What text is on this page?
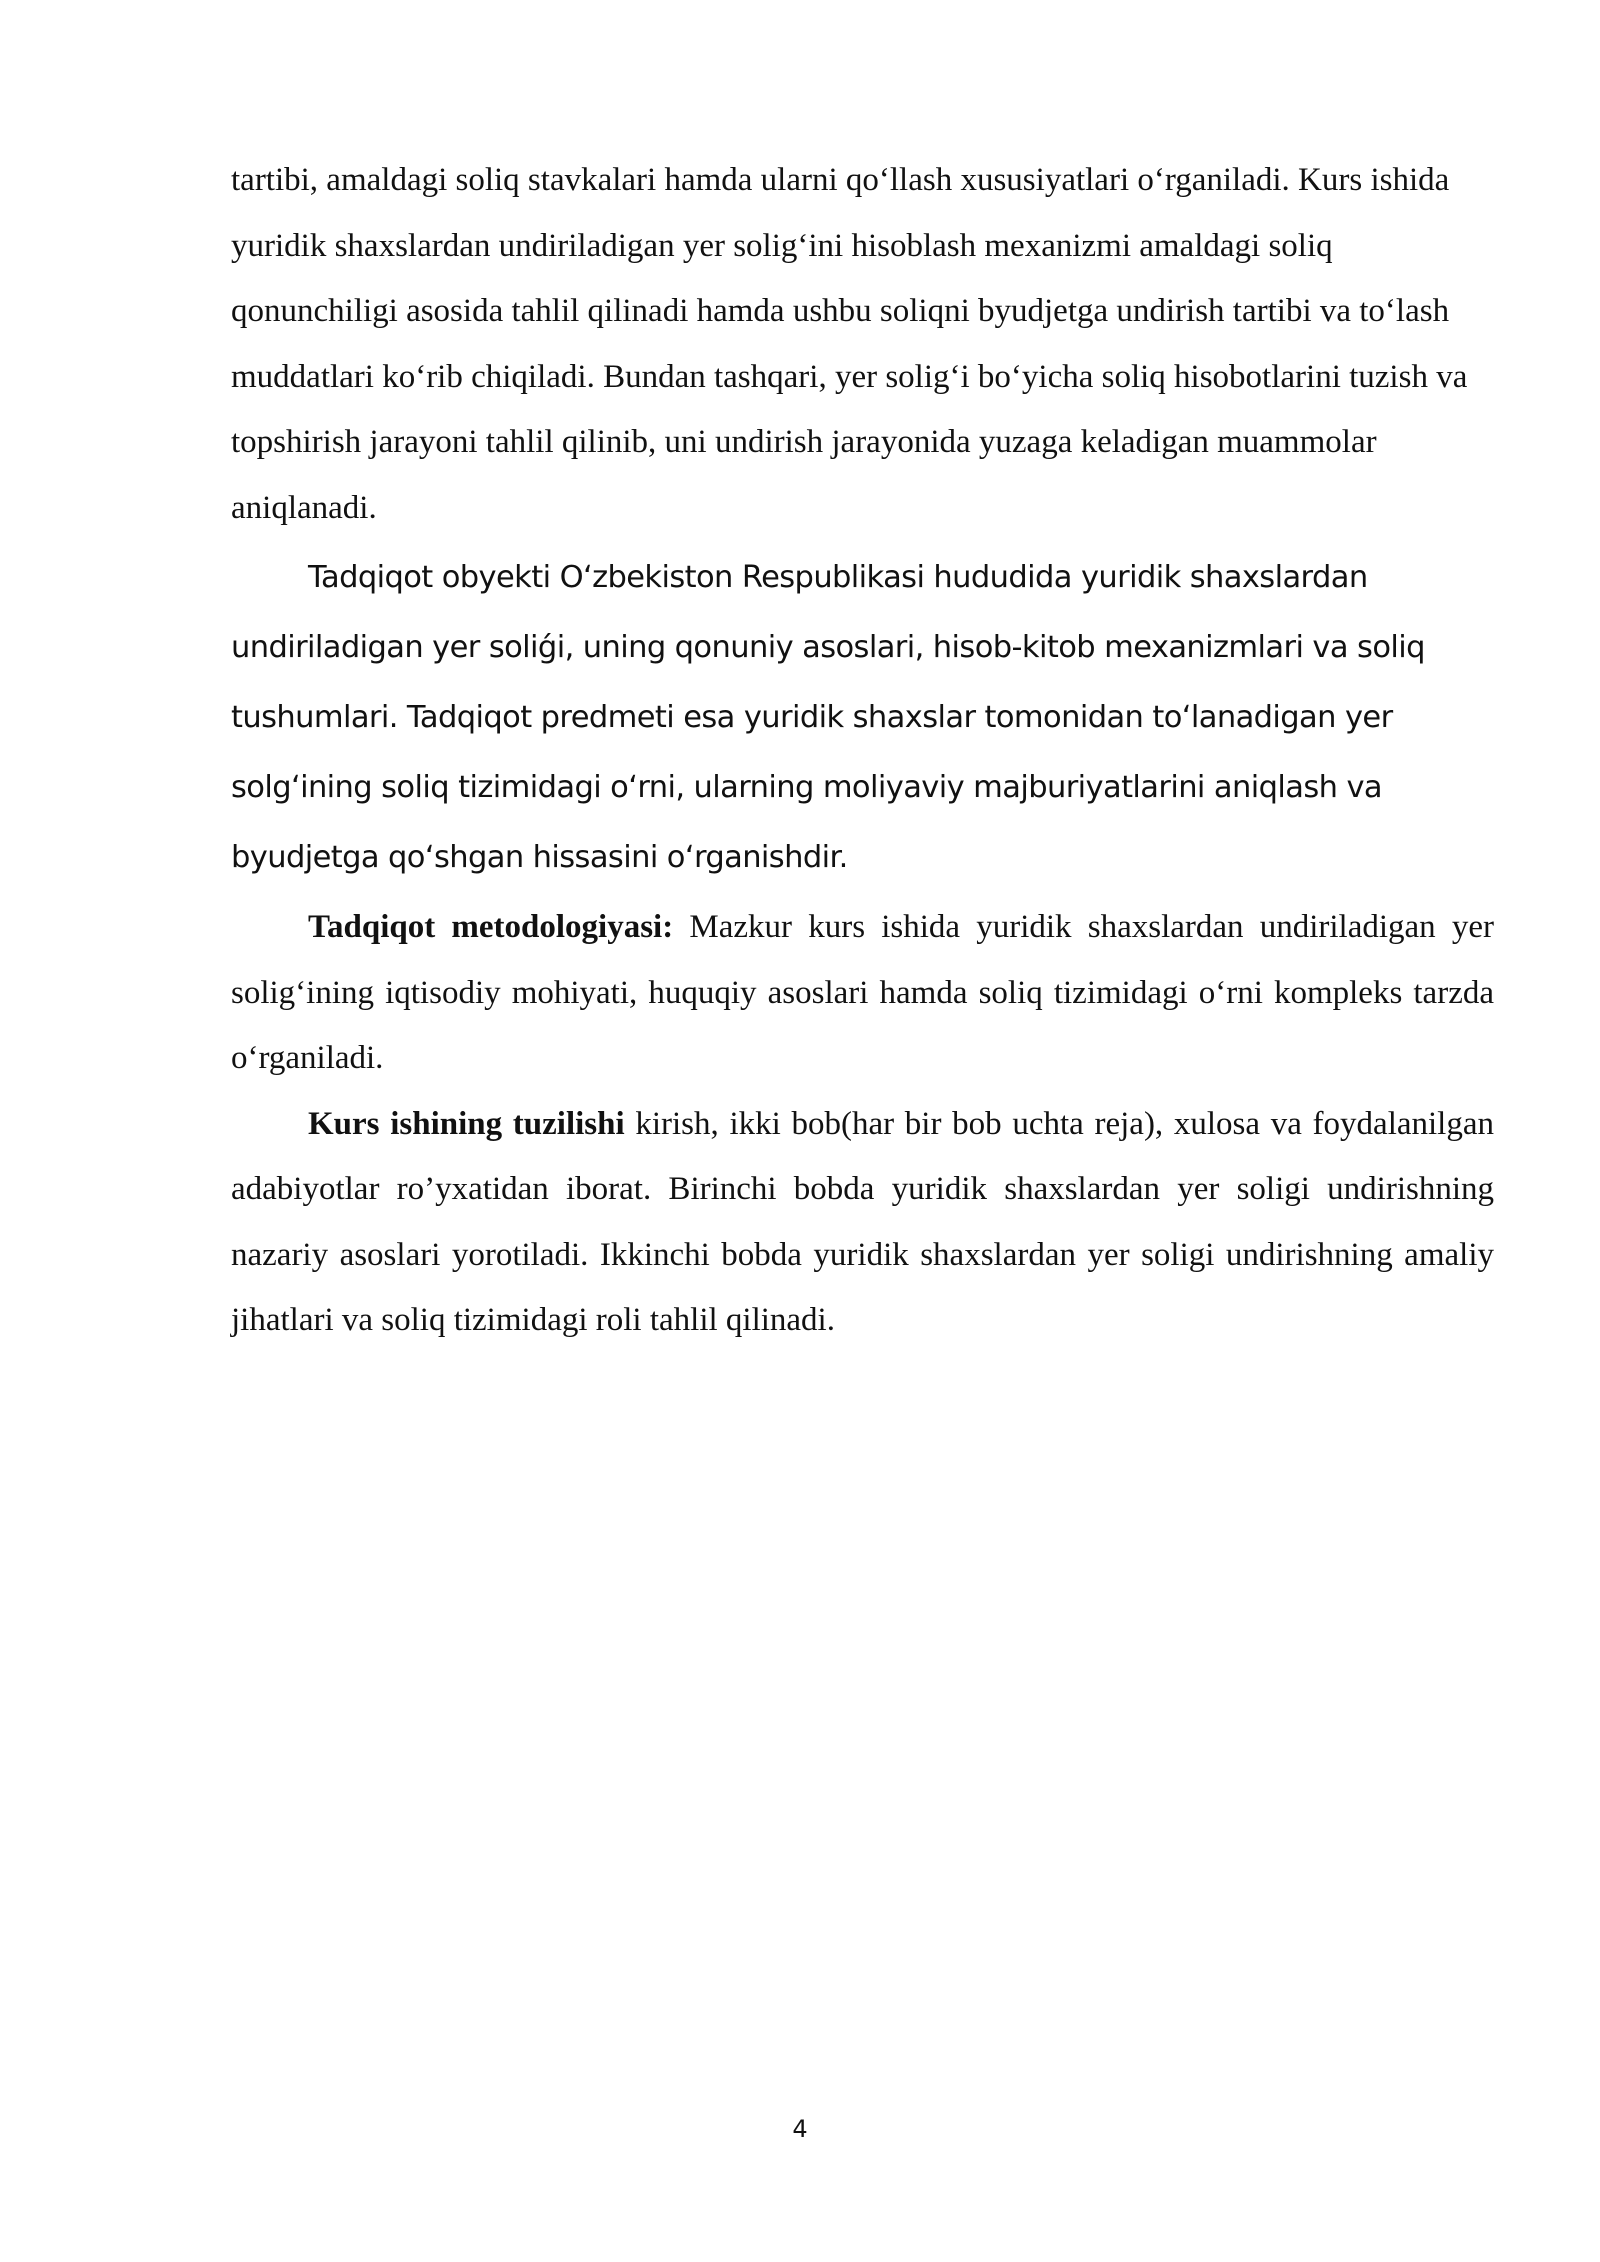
tartibi, amaldagi soliq stavkalari hamda ularni qo‘llash xususiyatlari o‘rganiladi. Kurs ishida yuridik shaxslardan undiriladigan yer solig‘ini hisoblash mexanizmi amaldagi soliq qonunchiligi asosida tahlil qilinadi hamda ushbu soliqni byudjetga undirish tartibi va to‘lash muddatlari ko‘rib chiqiladi. Bundan tashqari, yer solig‘i bo‘yicha soliq hisobotlarini tuzish va topshirish jarayoni tahlil qilinib, uni undirish jarayonida yuzaga keladigan muammolar aniqlanadi.

Tadqiqot obyekti O‘zbekiston Respublikasi hududida yuridik shaxslardan undiriladigan yer soliǵi, uning qonuniy asoslari, hisob-kitob mexanizmlari va soliq tushumlari. Tadqiqot predmeti esa yuridik shaxslar tomonidan to‘lanadigan yer solg‘ining soliq tizimidagi o‘rni, ularning moliyaviy majburiyatlarini aniqlash va byudjetga qo‘shgan hissasini o‘rganishdir.

Tadqiqot metodologiyasi: Mazkur kurs ishida yuridik shaxslardan undiriladigan yer solig‘ining iqtisodiy mohiyati, huquqiy asoslari hamda soliq tizimidagi o‘rni kompleks tarzda o‘rganiladi.

Kurs ishining tuzilishi kirish, ikki bob(har bir bob uchta reja), xulosa va foydalanilgan adabiyotlar ro’yxatidan iborat. Birinchi bobda yuridik shaxslardan yer soligi undirishning nazariy asoslari yorotiladi. Ikkinchi bobda yuridik shaxslardan yer soligi undirishning amaliy jihatlari va soliq tizimidagi roli tahlil qilinadi.

4
